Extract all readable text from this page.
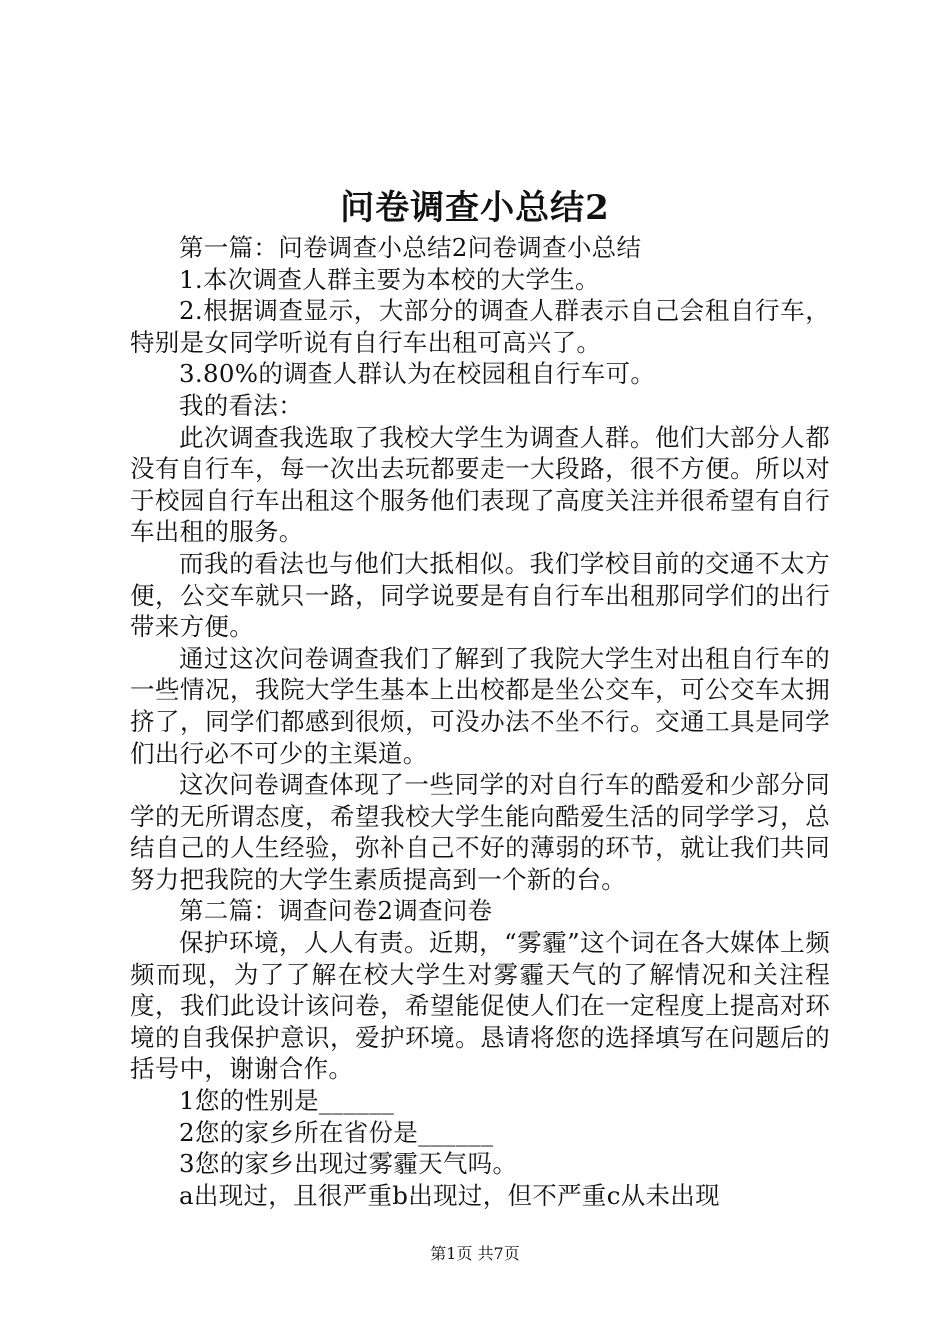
问卷调查小总结2

第一篇：问卷调查小总结2问卷调查小总结

1.本次调查人群主要为本校的大学生。

2.根据调查显示，大部分的调查人群表示自己会租自行车，特别是女同学听说有自行车出租可高兴了。

3.80%的调查人群认为在校园租自行车可。

我的看法：

此次调查我选取了我校大学生为调查人群。他们大部分人都没有自行车，每一次出去玩都要走一大段路，很不方便。所以对于校园自行车出租这个服务他们表现了高度关注并很希望有自行车出租的服务。

而我的看法也与他们大抵相似。我们学校目前的交通不太方便，公交车就只一路，同学说要是有自行车出租那同学们的出行带来方便。

通过这次问卷调查我们了解到了我院大学生对出租自行车的一些情况，我院大学生基本上出校都是坐公交车，可公交车太拥挤了，同学们都感到很烦，可没办法不坐不行。交通工具是同学们出行必不可少的主渠道。

这次问卷调查体现了一些同学的对自行车的酷爱和少部分同学的无所谓态度，希望我校大学生能向酷爱生活的同学学习，总结自己的人生经验，弥补自己不好的薄弱的环节，就让我们共同努力把我院的大学生素质提高到一个新的台。

第二篇：调查问卷2调查问卷

保护环境，人人有责。近期，“雾霾”这个词在各大媒体上频频而现，为了了解在校大学生对雾霾天气的了解情况和关注程度，我们此设计该问卷，希望能促使人们在一定程度上提高对环境的自我保护意识，爱护环境。恳请将您的选择填写在问题后的括号中，谢谢合作。

1您的性别是______

2您的家乡所在省份是______

3您的家乡出现过雾霾天气吗。

a出现过，且很严重b出现过，但不严重c从未出现

第1页 共7页
